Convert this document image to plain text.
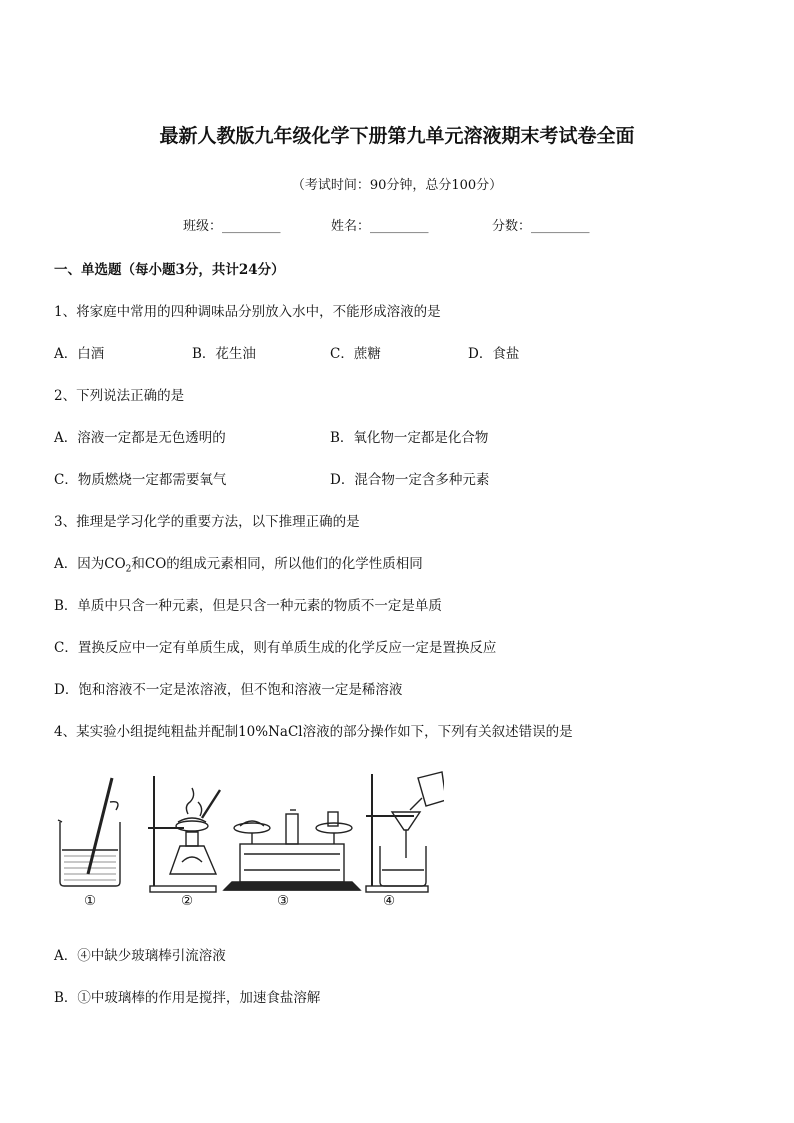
最新人教版九年级化学下册第九单元溶液期末考试卷全面
（考试时间：90分钟，总分100分）
班级：_________	姓名：_________	分数：_________
一、单选题（每小题3分，共计24分）
1、将家庭中常用的四种调味品分别放入水中，不能形成溶液的是
A．白酒	B．花生油	C．蔗糖	D．食盐
2、下列说法正确的是
A．溶液一定都是无色透明的	B．氧化物一定都是化合物
C．物质燃烧一定都需要氧气	D．混合物一定含多种元素
3、推理是学习化学的重要方法，以下推理正确的是
A．因为$CO_2$和CO的组成元素相同，所以他们的化学性质相同
B．单质中只含一种元素，但是只含一种元素的物质不一定是单质
C．置换反应中一定有单质生成，则有单质生成的化学反应一定是置换反应
D．饱和溶液不一定是浓溶液，但不饱和溶液一定是稀溶液
4、某实验小组提纯粗盐并配制10%NaCl溶液的部分操作如下，下列有关叙述错误的是
①	②	③	④
A．④中缺少玻璃棒引流溶液
B．①中玻璃棒的作用是搅拌，加速食盐溶解
